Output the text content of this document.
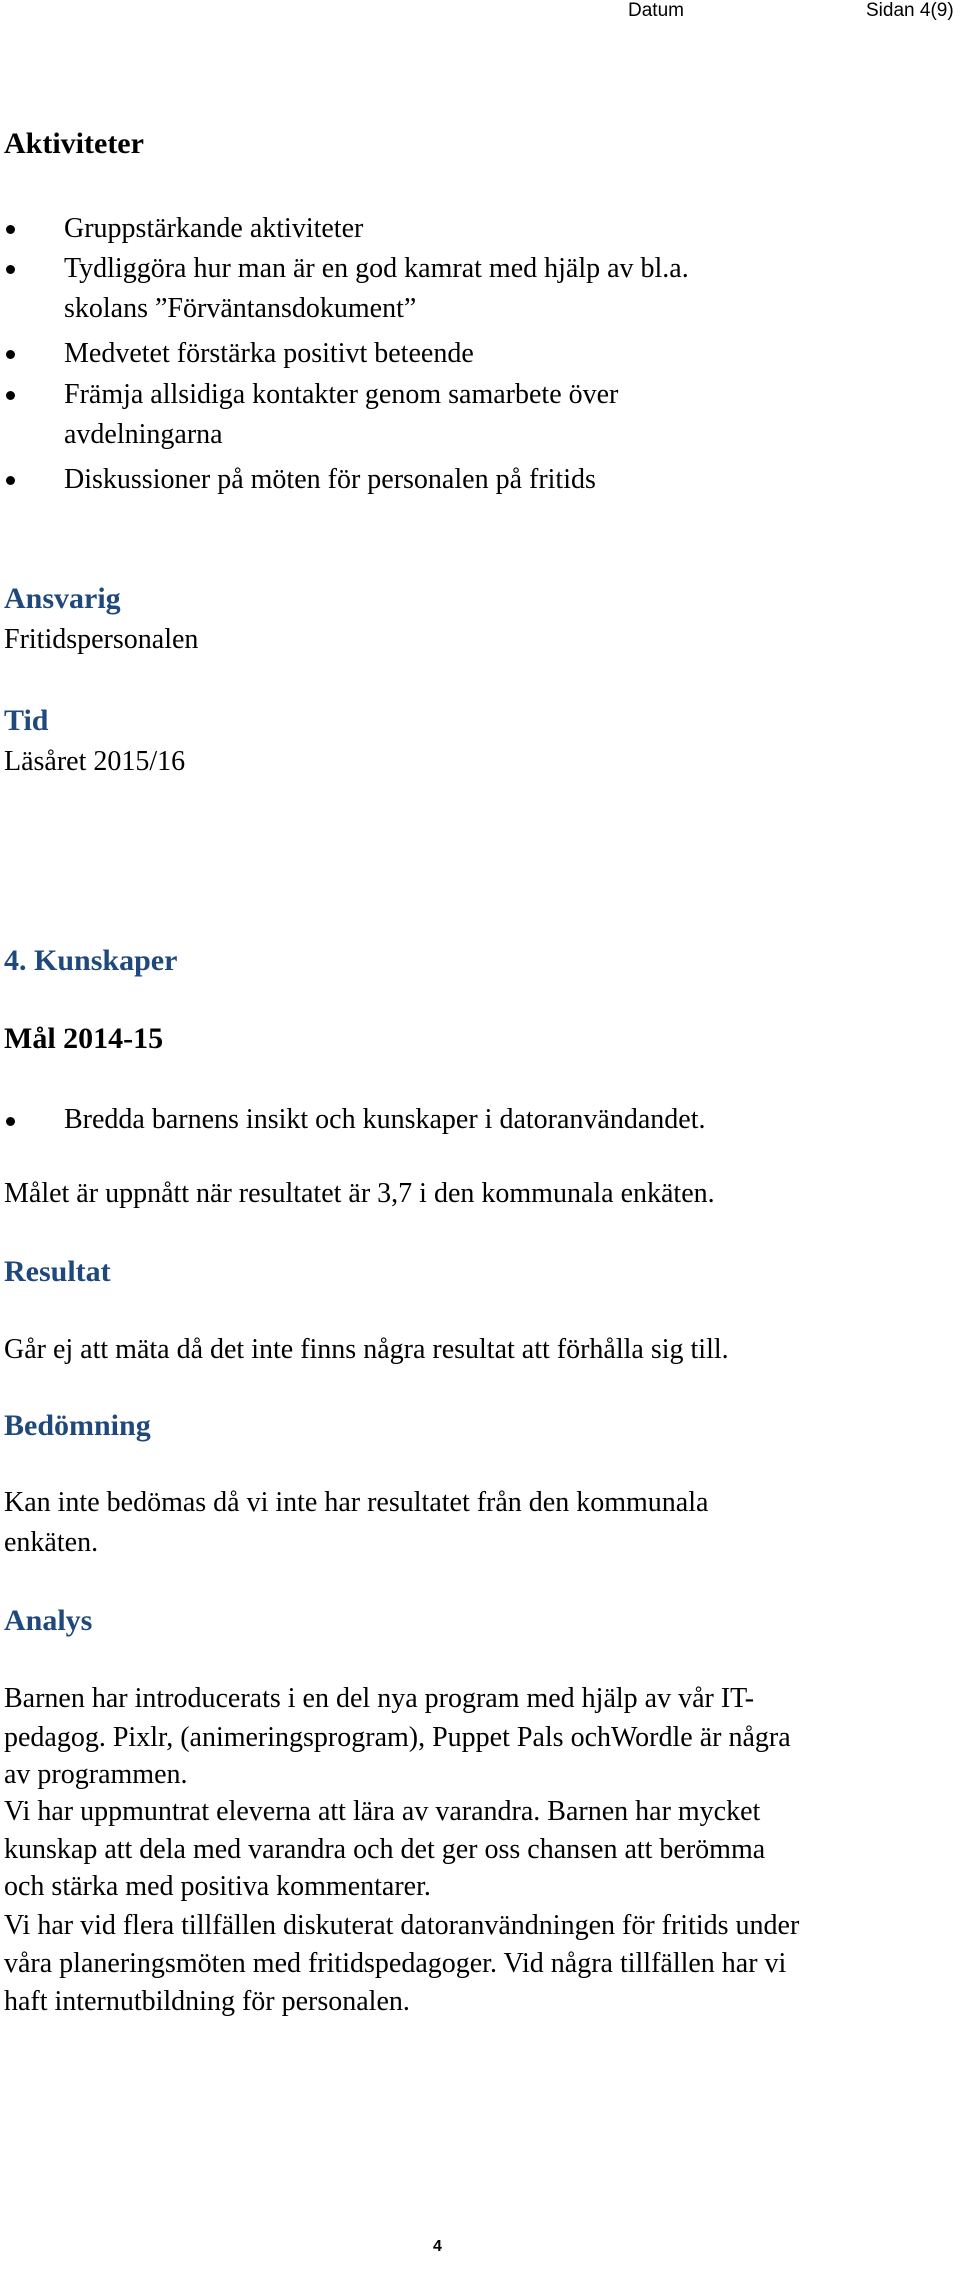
Datum	Sidan 4(9)
Aktiviteter
Gruppstärkande aktiviteter
Tydliggöra hur man är en god kamrat med hjälp av bl.a.
skolans ”Förväntansdokument”
Medvetet förstärka positivt beteende
Främja allsidiga kontakter genom samarbete över
avdelningarna
Diskussioner på möten för personalen på fritids
Ansvarig
Fritidspersonalen
Tid
Läsåret 2015/16
4. Kunskaper
Mål 2014-15
Bredda barnens insikt och kunskaper i datoranvändandet.
Målet är uppnått när resultatet är 3,7 i den kommunala enkäten.
Resultat
Går ej att mäta då det inte finns några resultat att förhålla sig till.
Bedömning
Kan inte bedömas då vi inte har resultatet från den kommunala
enkäten.
Analys
Barnen har introducerats i en del nya program med hjälp av vår IT-
pedagog. Pixlr, (animeringsprogram), Puppet Pals ochWordle är några
av programmen.
Vi har uppmuntrat eleverna att lära av varandra. Barnen har mycket
kunskap att dela med varandra och det ger oss chansen att berömma
och stärka med positiva kommentarer.
Vi har vid flera tillfällen diskuterat datoranvändningen för fritids under
våra planeringsmöten med fritidspedagoger. Vid några tillfällen har vi
haft internutbildning för personalen.
4
